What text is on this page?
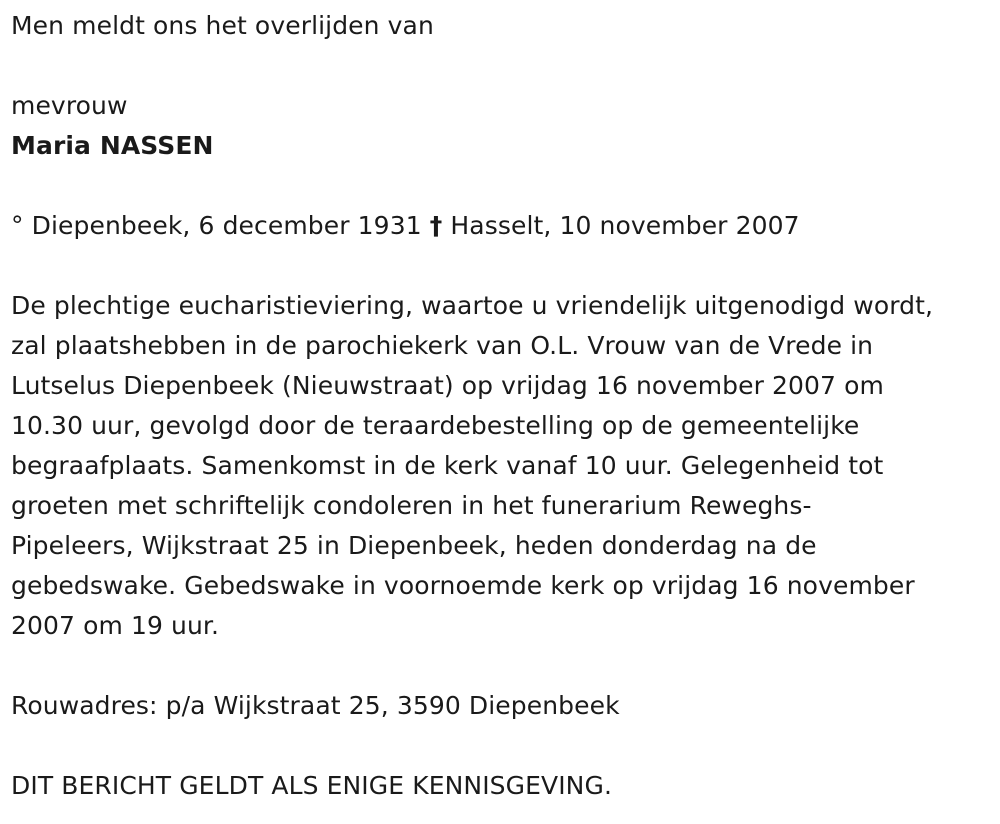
Men meldt ons het overlijden van
mevrouw
Maria NASSEN
° Diepenbeek, 6 december 1931 † Hasselt, 10 november 2007
De plechtige eucharistieviering, waartoe u vriendelijk uitgenodigd wordt,
zal plaatshebben in de parochiekerk van O.L. Vrouw van de Vrede in
Lutselus Diepenbeek (Nieuwstraat) op vrijdag 16 november 2007 om
10.30 uur, gevolgd door de teraardebestelling op de gemeentelijke
begraafplaats. Samenkomst in de kerk vanaf 10 uur. Gelegenheid tot
groeten met schriftelijk condoleren in het funerarium Reweghs-
Pipeleers, Wijkstraat 25 in Diepenbeek, heden donderdag na de
gebedswake. Gebedswake in voornoemde kerk op vrijdag 16 november
2007 om 19 uur.
Rouwadres: p/a Wijkstraat 25, 3590 Diepenbeek
DIT BERICHT GELDT ALS ENIGE KENNISGEVING.
